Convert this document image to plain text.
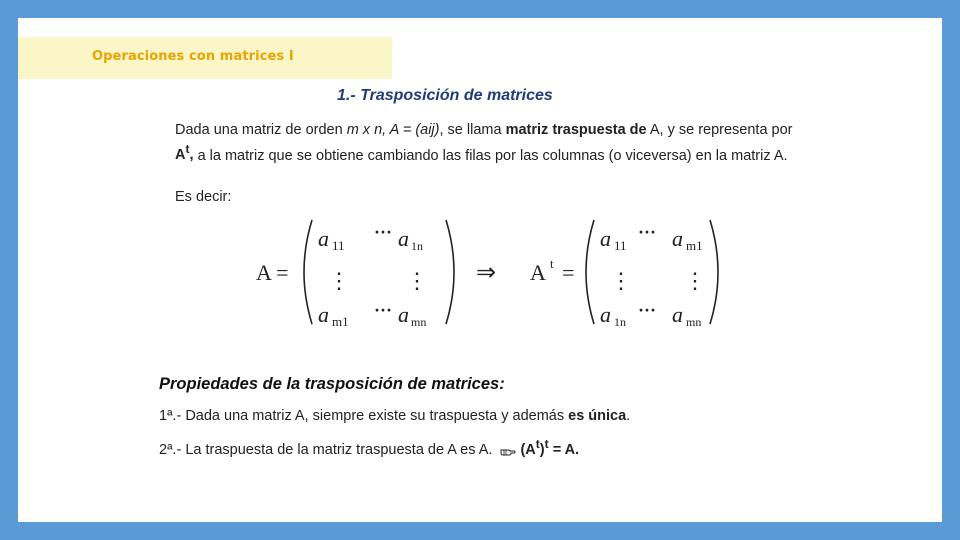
Operaciones con matrices I
1.- Trasposición de matrices
Dada una matriz de orden m x n, A = (aij), se llama matriz traspuesta de A, y se representa por $A^t$, a la matriz que se obtiene cambiando las filas por las columnas (o viceversa) en la matriz A.
Es decir:
A =
a 11
··· a 1n
⋮	⋮
a m1
··· a mn
⇒ A t =
a 11
··· a m1
⋮ ⋮
a 1n
··· a mn
Propiedades de la trasposición de matrices:
1ª.- Dada una matriz A, siempre existe su traspuesta y además es única.
2ª.- La traspuesta de la matriz traspuesta de A es A. $(A^t)^t = A$.
